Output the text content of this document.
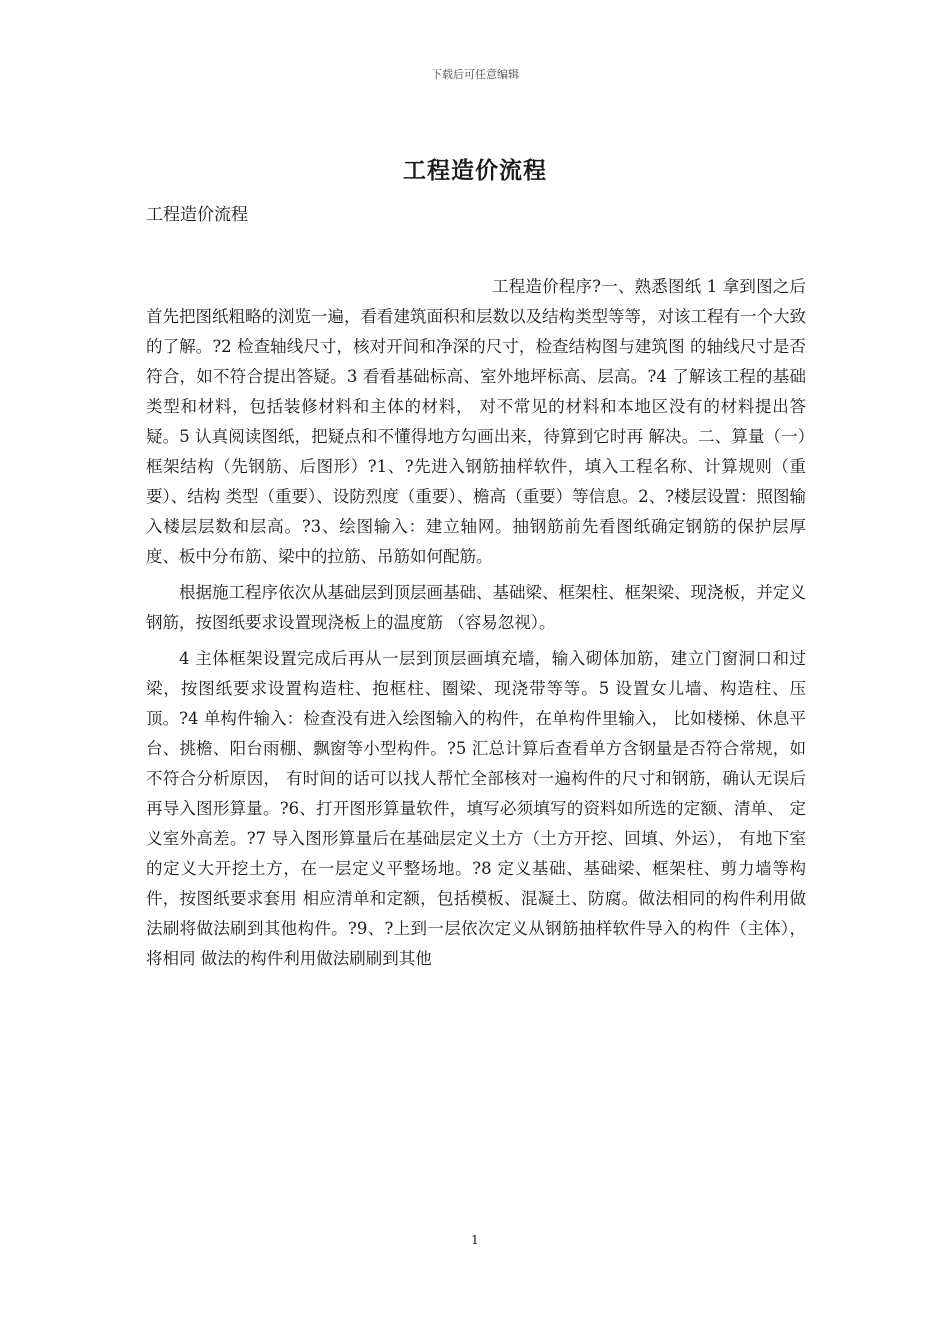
下载后可任意编辑
工程造价流程
工程造价流程

工程造价程序?一、熟悉图纸 1 拿到图之后首先把图纸粗略的浏览一遍，看看建筑面积和层数以及结构类型等等，对该工程有一个大致的了解。?2 检查轴线尺寸，核对开间和净深的尺寸，检查结构图与建筑图 的轴线尺寸是否符合，如不符合提出答疑。3 看看基础标高、室外地坪标高、层高。?4 了解该工程的基础类型和材料，包括装修材料和主体的材料， 对不常见的材料和本地区没有的材料提出答疑。5 认真阅读图纸，把疑点和不懂得地方勾画出来，待算到它时再 解决。二、算量（一）框架结构（先钢筋、后图形）?1、?先进入钢筋抽样软件，填入工程名称、计算规则（重要）、结构 类型（重要）、设防烈度（重要）、檐高（重要）等信息。2、?楼层设置：照图输入楼层层数和层高。?3、绘图输入：建立轴网。抽钢筋前先看图纸确定钢筋的保护层厚度、板中分布筋、梁中的拉筋、吊筋如何配筋。

根据施工程序依次从基础层到顶层画基础、基础梁、框架柱、框架梁、现浇板，并定义钢筋，按图纸要求设置现浇板上的温度筋 （容易忽视）。

4 主体框架设置完成后再从一层到顶层画填充墙，输入砌体加筋，建立门窗洞口和过梁，按图纸要求设置构造柱、抱框柱、圈梁、现浇带等等。5 设置女儿墙、构造柱、压顶。?4 单构件输入：检查没有进入绘图输入的构件，在单构件里输入， 比如楼梯、休息平台、挑檐、阳台雨棚、飘窗等小型构件。?5 汇总计算后查看单方含钢量是否符合常规，如不符合分析原因， 有时间的话可以找人帮忙全部核对一遍构件的尺寸和钢筋，确认无误后再导入图形算量。?6、打开图形算量软件，填写必须填写的资料如所选的定额、清单、 定义室外高差。?7 导入图形算量后在基础层定义土方（土方开挖、回填、外运）， 有地下室的定义大开挖土方，在一层定义平整场地。?8 定义基础、基础梁、框架柱、剪力墙等构件，按图纸要求套用 相应清单和定额，包括模板、混凝土、防腐。做法相同的构件利用做法刷将做法刷到其他构件。?9、?上到一层依次定义从钢筋抽样软件导入的构件（主体），将相同 做法的构件利用做法刷刷到其他

1
